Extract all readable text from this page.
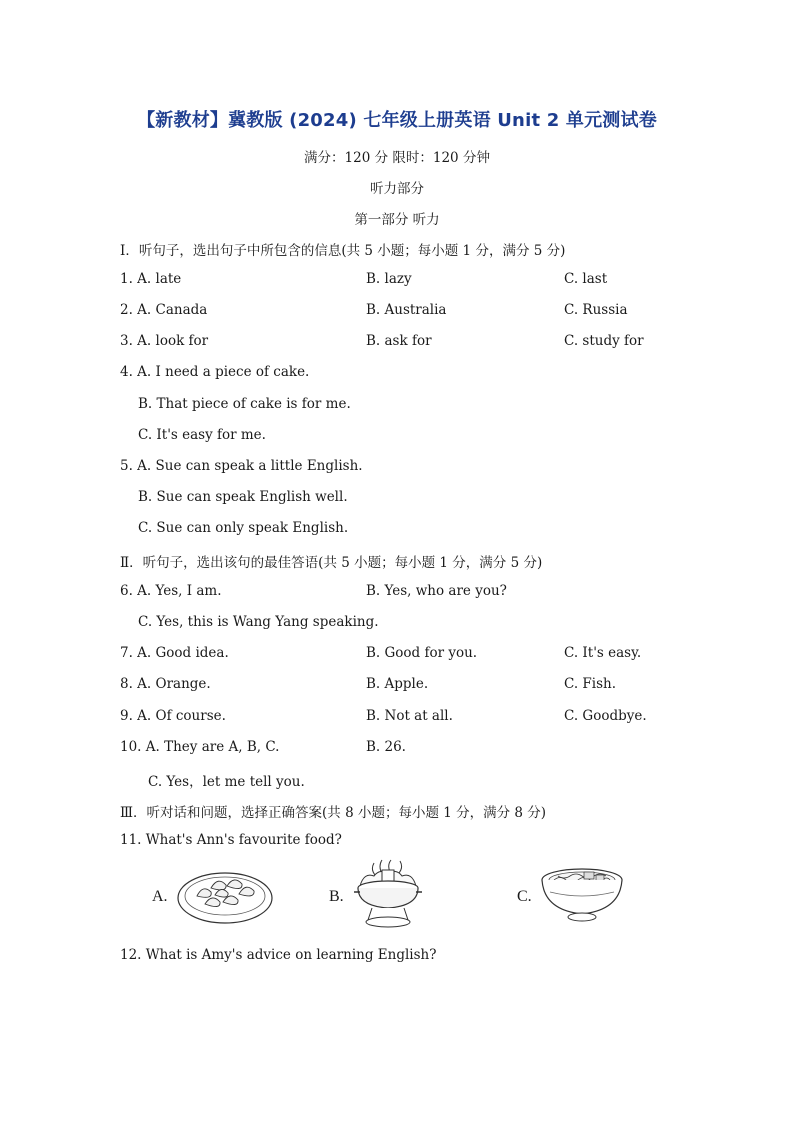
【新教材】冀教版 (2024) 七年级上册英语 Unit 2 单元测试卷
满分：120 分 限时：120 分钟
听力部分
第一部分 听力
Ⅰ．听句子，选出句子中所包含的信息(共 5 小题；每小题 1 分，满分 5 分)
1. A. late	B. lazy	C. last
2. A. Canada	B. Australia	C. Russia
3. A. look for	B. ask for	C. study for
4. A. I need a piece of cake.
B. That piece of cake is for me.
C. It's easy for me.
5. A. Sue can speak a little English.
B. Sue can speak English well.
C. Sue can only speak English.
Ⅱ．听句子，选出该句的最佳答语(共 5 小题；每小题 1 分，满分 5 分)
6. A. Yes, I am.	B. Yes, who are you?
C. Yes, this is Wang Yang speaking.
7. A. Good idea.	B. Good for you.	C. It's easy.
8. A. Orange.	B. Apple.	C. Fish.
9. A. Of course.	B. Not at all.	C. Goodbye.
10. A. They are A, B, C.	B. 26.
C. Yes，let me tell you.
Ⅲ．听对话和问题，选择正确答案(共 8 小题；每小题 1 分，满分 8 分)
11. What's Ann's favourite food?
A.	B.	C.
12. What is Amy's advice on learning English?
